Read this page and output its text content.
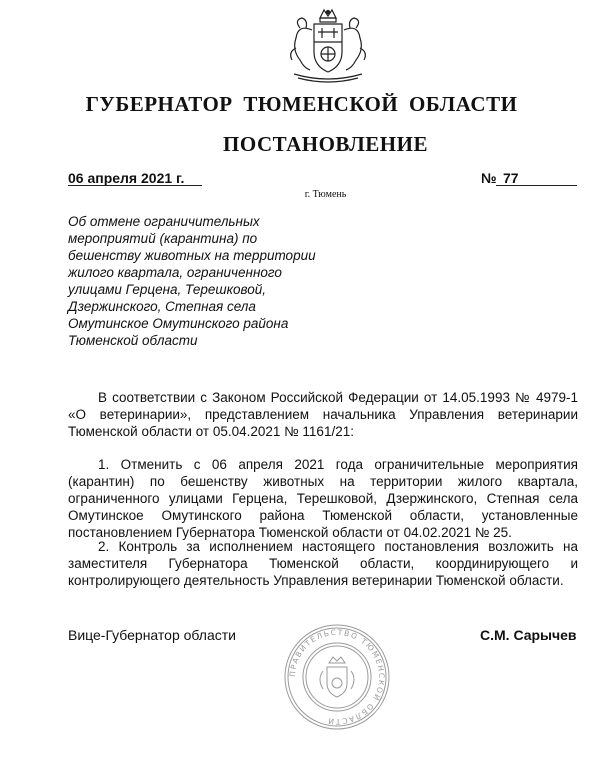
ГУБЕРНАТОР ТЮМЕНСКОЙ ОБЛАСТИ
ПОСТАНОВЛЕНИЕ
06 апреля 2021 г.	№ 77
г. Тюмень
Об отмене ограничительных
мероприятий (карантина) по
бешенству животных на территории
жилого квартала, ограниченного
улицами Герцена, Терешковой,
Дзержинского, Степная села
Омутинское Омутинского района
Тюменской области
В соответствии с Законом Российской Федерации от 14.05.1993 № 4979-1 «О ветеринарии», представлением начальника Управления ветеринарии Тюменской области от 05.04.2021 № 1161/21:
1. Отменить с 06 апреля 2021 года ограничительные мероприятия (карантин) по бешенству животных на территории жилого квартала, ограниченного улицами Герцена, Терешковой, Дзержинского, Степная села Омутинское Омутинского района Тюменской области, установленные постановлением Губернатора Тюменской области от 04.02.2021 № 25.
2. Контроль за исполнением настоящего постановления возложить на заместителя Губернатора Тюменской области, координирующего и контролирующего деятельность Управления ветеринарии Тюменской области.
Вице-Губернатор области
ПРАВИТЕЛЬСТВО ТЮМЕНСКОЙ ОБЛАСТИ
С.М. Сарычев
